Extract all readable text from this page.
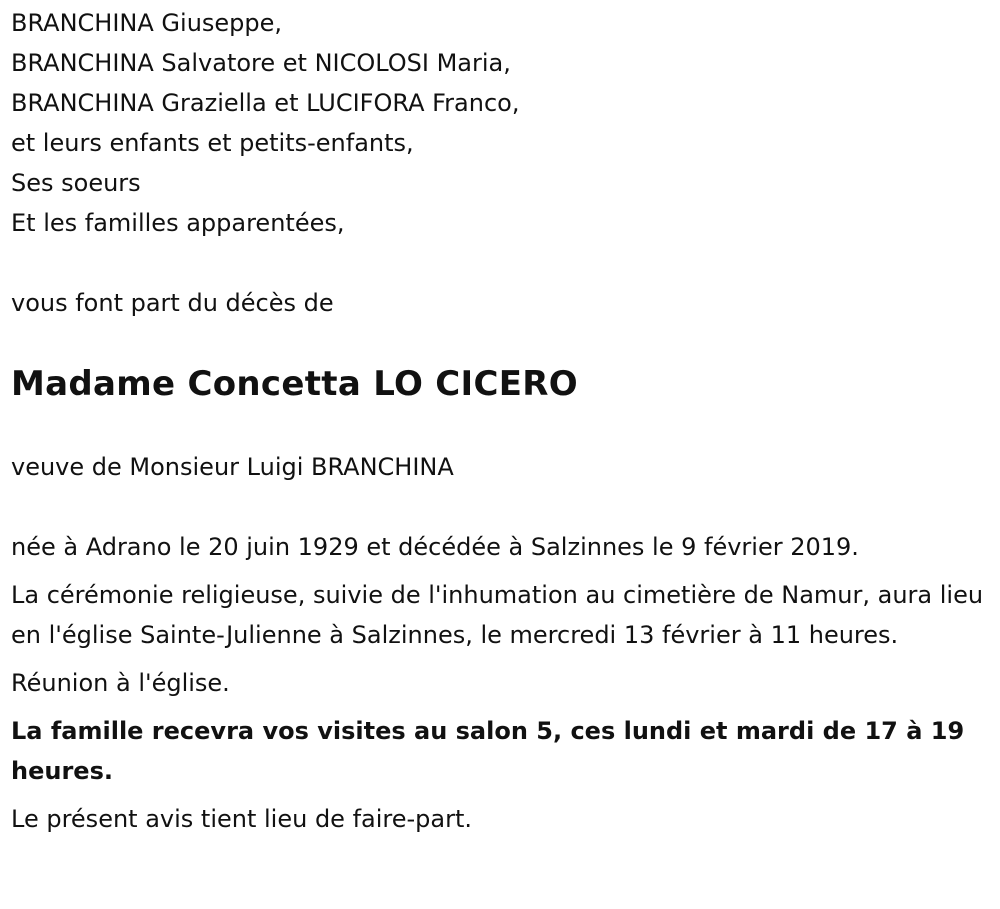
BRANCHINA Giuseppe,
BRANCHINA Salvatore et NICOLOSI Maria,
BRANCHINA Graziella et LUCIFORA Franco,
et leurs enfants et petits-enfants,
Ses soeurs
Et les familles apparentées,

vous font part du décès de

Madame Concetta LO CICERO

veuve de Monsieur Luigi BRANCHINA

née à Adrano le 20 juin 1929 et décédée à Salzinnes le 9 février 2019.

La cérémonie religieuse, suivie de l'inhumation au cimetière de Namur, aura lieu en l'église Sainte-Julienne à Salzinnes, le mercredi 13 février à 11 heures.

Réunion à l'église.

La famille recevra vos visites au salon 5, ces lundi et mardi de 17 à 19 heures.

Le présent avis tient lieu de faire-part.
